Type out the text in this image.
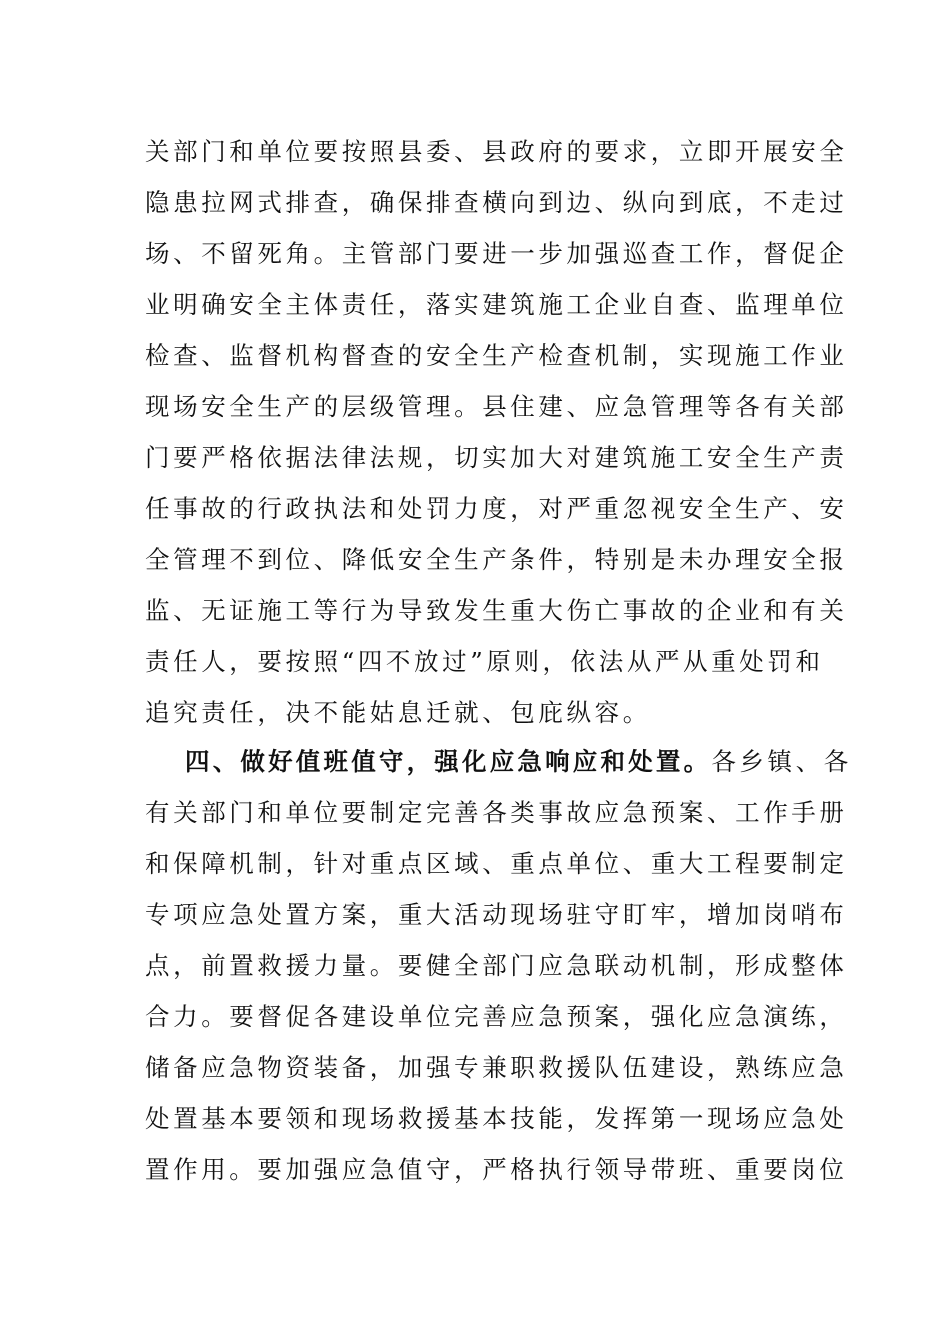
关部门和单位要按照县委、县政府的要求，立即开展安全
隐患拉网式排查，确保排查横向到边、纵向到底，不走过
场、不留死角。主管部门要进一步加强巡查工作，督促企
业明确安全主体责任，落实建筑施工企业自查、监理单位
检查、监督机构督查的安全生产检查机制，实现施工作业
现场安全生产的层级管理。县住建、应急管理等各有关部
门要严格依据法律法规，切实加大对建筑施工安全生产责
任事故的行政执法和处罚力度，对严重忽视安全生产、安
全管理不到位、降低安全生产条件，特别是未办理安全报
监、无证施工等行为导致发生重大伤亡事故的企业和有关
责任人，要按照“四不放过”原则，依法从严从重处罚和
追究责任，决不能姑息迁就、包庇纵容。
四、做好值班值守，强化应急响应和处置。各乡镇、各
有关部门和单位要制定完善各类事故应急预案、工作手册
和保障机制，针对重点区域、重点单位、重大工程要制定
专项应急处置方案，重大活动现场驻守盯牢，增加岗哨布
点，前置救援力量。要健全部门应急联动机制，形成整体
合力。要督促各建设单位完善应急预案，强化应急演练，
储备应急物资装备，加强专兼职救援队伍建设，熟练应急
处置基本要领和现场救援基本技能，发挥第一现场应急处
置作用。要加强应急值守，严格执行领导带班、重要岗位
